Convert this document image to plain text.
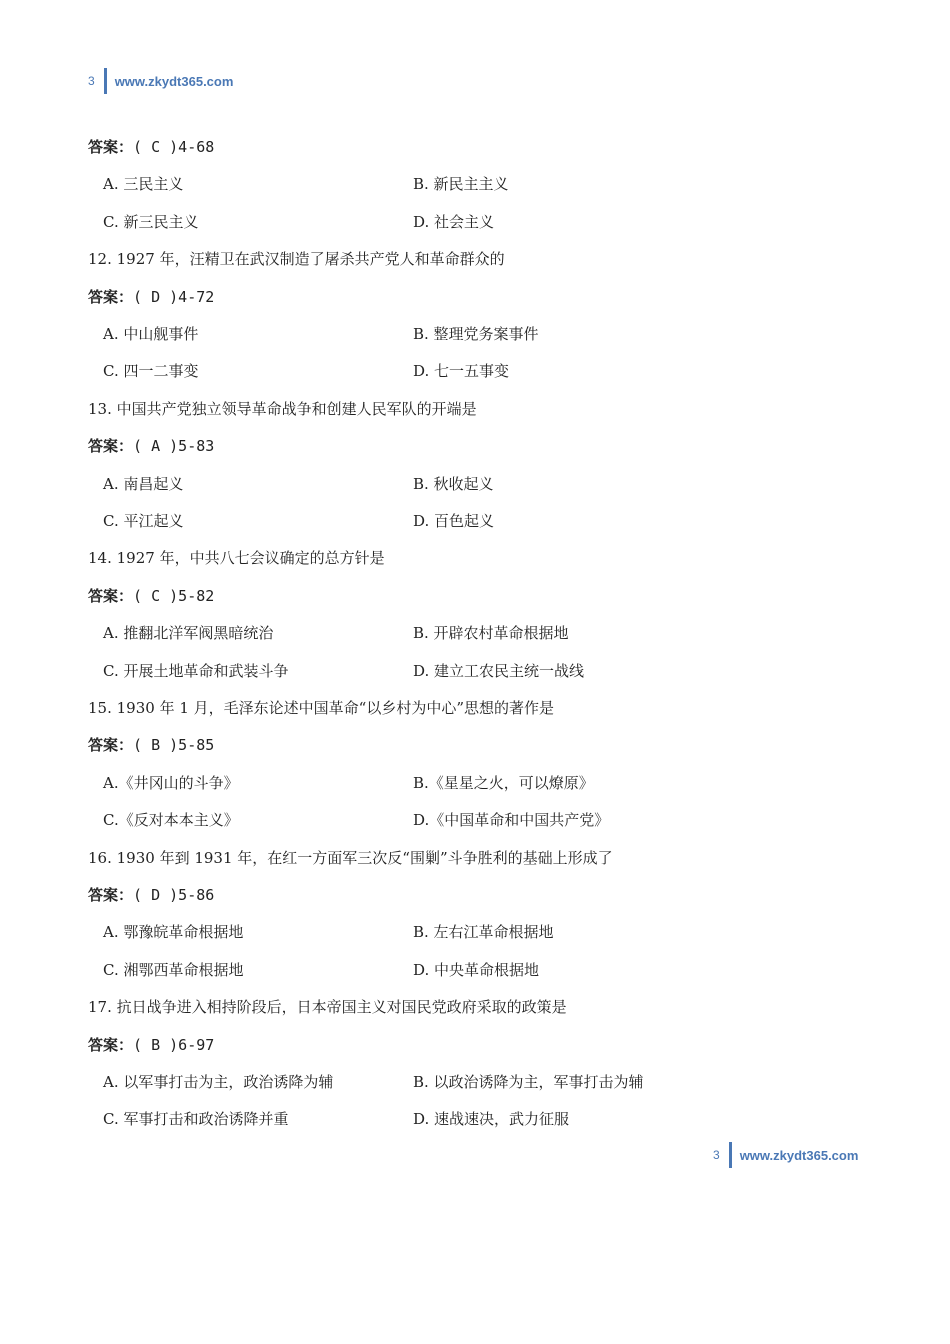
3 www.zkydt365.com
答案：( C )4-68
A. 三民主义	B. 新民主主义
C. 新三民主义	D. 社会主义
12. 1927 年，汪精卫在武汉制造了屠杀共产党人和革命群众的
答案：( D )4-72
A. 中山舰事件	B. 整理党务案事件
C. 四一二事变	D. 七一五事变
13. 中国共产党独立领导革命战争和创建人民军队的开端是
答案：( A )5-83
A. 南昌起义	B. 秋收起义
C. 平江起义	D. 百色起义
14. 1927 年，中共八七会议确定的总方针是
答案：( C )5-82
A. 推翻北洋军阀黑暗统治	B. 开辟农村革命根据地
C. 开展土地革命和武装斗争	D. 建立工农民主统一战线
15. 1930 年 1 月，毛泽东论述中国革命“以乡村为中心”思想的著作是
答案：( B )5-85
A.《井冈山的斗争》	B.《星星之火，可以燎原》
C.《反对本本主义》	D.《中国革命和中国共产党》
16. 1930 年到 1931 年，在红一方面军三次反“围剿”斗争胜利的基础上形成了
答案：( D )5-86
A. 鄂豫皖革命根据地	B. 左右江革命根据地
C. 湘鄂西革命根据地	D. 中央革命根据地
17. 抗日战争进入相持阶段后，日本帝国主义对国民党政府采取的政策是
答案：( B )6-97
A. 以军事打击为主，政治诱降为辅	B. 以政治诱降为主，军事打击为辅
C. 军事打击和政治诱降并重	D. 速战速决，武力征服
3 www.zkydt365.com
